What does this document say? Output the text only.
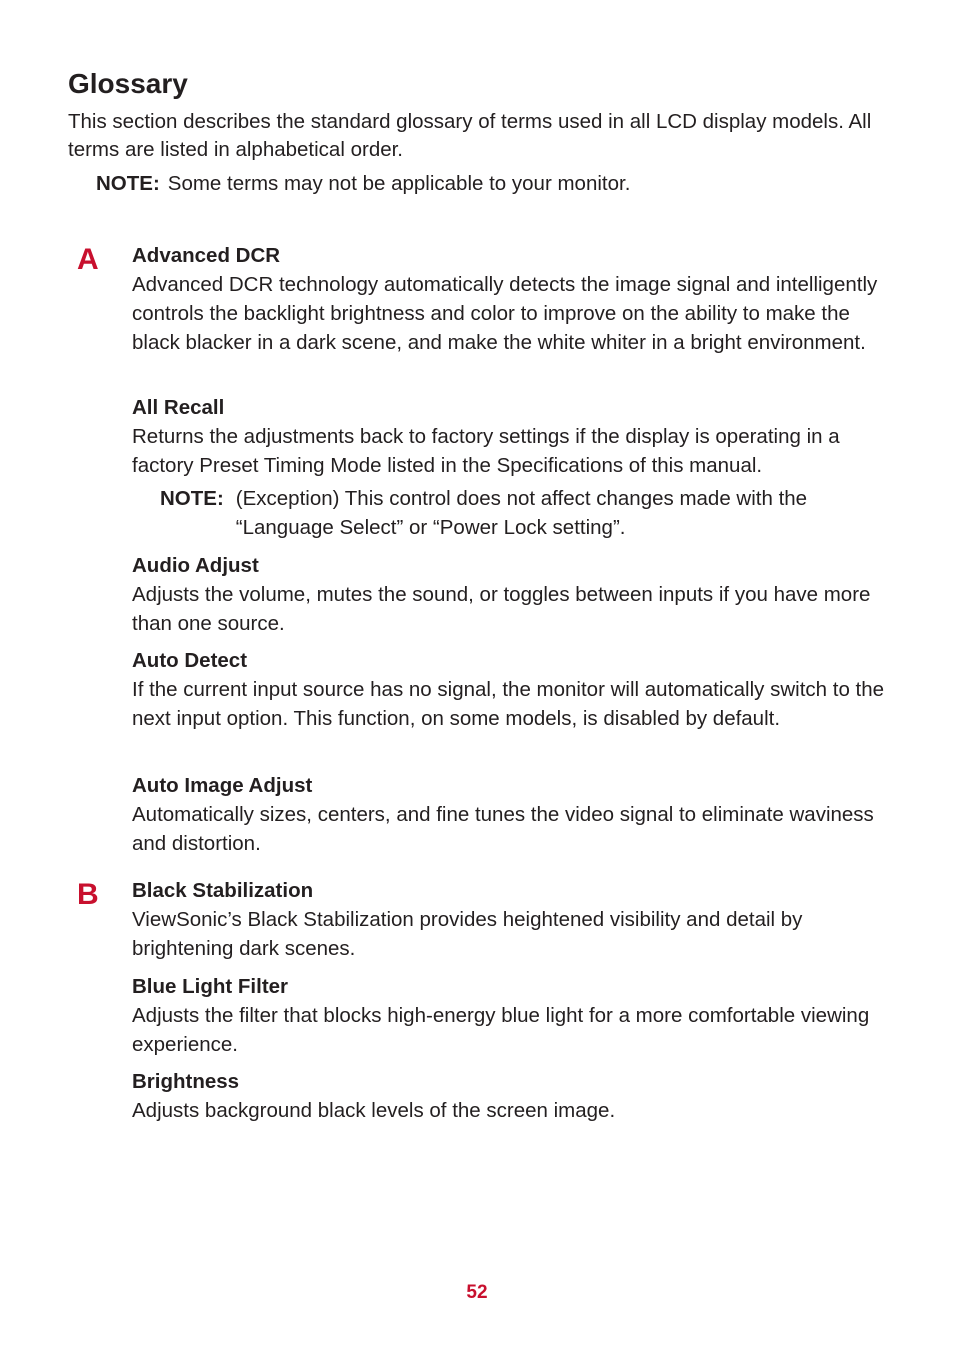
Glossary

This section describes the standard glossary of terms used in all LCD display models. All terms are listed in alphabetical order.

NOTE: Some terms may not be applicable to your monitor.

A Advanced DCR

Advanced DCR technology automatically detects the image signal and intelligently controls the backlight brightness and color to improve on the ability to make the black blacker in a dark scene, and make the white whiter in a bright environment.

All Recall

Returns the adjustments back to factory settings if the display is operating in a factory Preset Timing Mode listed in the Specifications of this manual.

NOTE: (Exception) This control does not affect changes made with the “Language Select” or “Power Lock setting”.

Audio Adjust

Adjusts the volume, mutes the sound, or toggles between inputs if you have more than one source.

Auto Detect

If the current input source has no signal, the monitor will automatically switch to the next input option. This function, on some models, is disabled by default.

Auto Image Adjust

Automatically sizes, centers, and fine tunes the video signal to eliminate waviness and distortion.

B Black Stabilization

ViewSonic’s Black Stabilization provides heightened visibility and detail by brightening dark scenes.

Blue Light Filter

Adjusts the filter that blocks high-energy blue light for a more comfortable viewing experience.

Brightness

Adjusts background black levels of the screen image.

52
